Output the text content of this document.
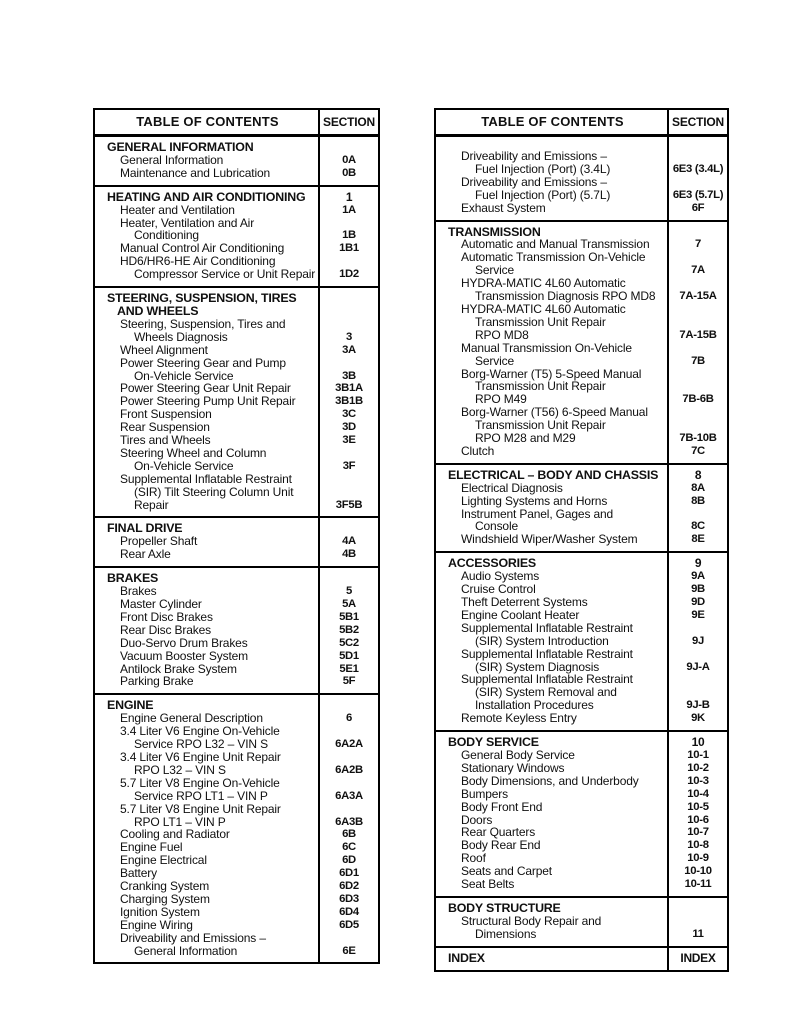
TABLE OF CONTENTS	SECTION
GENERAL INFORMATION
General Information	0A
Maintenance and Lubrication	0B
HEATING AND AIR CONDITIONING	1
Heater and Ventilation	1A
Heater, Ventilation and Air
Conditioning	1B
Manual Control Air Conditioning	1B1
HD6/HR6-HE Air Conditioning
Compressor Service or Unit Repair	1D2
STEERING, SUSPENSION, TIRES
AND WHEELS
Steering, Suspension, Tires and
Wheels Diagnosis	3
Wheel Alignment	3A
Power Steering Gear and Pump
On-Vehicle Service	3B
Power Steering Gear Unit Repair	3B1A
Power Steering Pump Unit Repair	3B1B
Front Suspension	3C
Rear Suspension	3D
Tires and Wheels	3E
Steering Wheel and Column
On-Vehicle Service	3F
Supplemental Inflatable Restraint
(SIR) Tilt Steering Column Unit
Repair	3F5B
FINAL DRIVE
Propeller Shaft	4A
Rear Axle	4B
BRAKES
Brakes	5
Master Cylinder	5A
Front Disc Brakes	5B1
Rear Disc Brakes	5B2
Duo-Servo Drum Brakes	5C2
Vacuum Booster System	5D1
Antilock Brake System	5E1
Parking Brake	5F
ENGINE
Engine General Description	6
3.4 Liter V6 Engine On-Vehicle
Service RPO L32 – VIN S	6A2A
3.4 Liter V6 Engine Unit Repair
RPO L32 – VIN S	6A2B
5.7 Liter V8 Engine On-Vehicle
Service RPO LT1 – VIN P	6A3A
5.7 Liter V8 Engine Unit Repair
RPO LT1 – VIN P	6A3B
Cooling and Radiator	6B
Engine Fuel	6C
Engine Electrical	6D
Battery	6D1
Cranking System	6D2
Charging System	6D3
Ignition System	6D4
Engine Wiring	6D5
Driveability and Emissions –
General Information	6E
TABLE OF CONTENTS	SECTION
Driveability and Emissions –
Fuel Injection (Port) (3.4L)	6E3 (3.4L)
Driveability and Emissions –
Fuel Injection (Port) (5.7L)	6E3 (5.7L)
Exhaust System	6F
TRANSMISSION
Automatic and Manual Transmission	7
Automatic Transmission On-Vehicle
Service	7A
HYDRA-MATIC 4L60 Automatic
Transmission Diagnosis RPO MD8	7A-15A
HYDRA-MATIC 4L60 Automatic
Transmission Unit Repair
RPO MD8	7A-15B
Manual Transmission On-Vehicle
Service	7B
Borg-Warner (T5) 5-Speed Manual
Transmission Unit Repair
RPO M49	7B-6B
Borg-Warner (T56) 6-Speed Manual
Transmission Unit Repair
RPO M28 and M29	7B-10B
Clutch	7C
ELECTRICAL – BODY AND CHASSIS	8
Electrical Diagnosis	8A
Lighting Systems and Horns	8B
Instrument Panel, Gages and
Console	8C
Windshield Wiper/Washer System	8E
ACCESSORIES	9
Audio Systems	9A
Cruise Control	9B
Theft Deterrent Systems	9D
Engine Coolant Heater	9E
Supplemental Inflatable Restraint
(SIR) System Introduction	9J
Supplemental Inflatable Restraint
(SIR) System Diagnosis	9J-A
Supplemental Inflatable Restraint
(SIR) System Removal and
Installation Procedures	9J-B
Remote Keyless Entry	9K
BODY SERVICE	10
General Body Service	10-1
Stationary Windows	10-2
Body Dimensions, and Underbody	10-3
Bumpers	10-4
Body Front End	10-5
Doors	10-6
Rear Quarters	10-7
Body Rear End	10-8
Roof	10-9
Seats and Carpet	10-10
Seat Belts	10-11
BODY STRUCTURE
Structural Body Repair and
Dimensions	11
INDEX	INDEX
